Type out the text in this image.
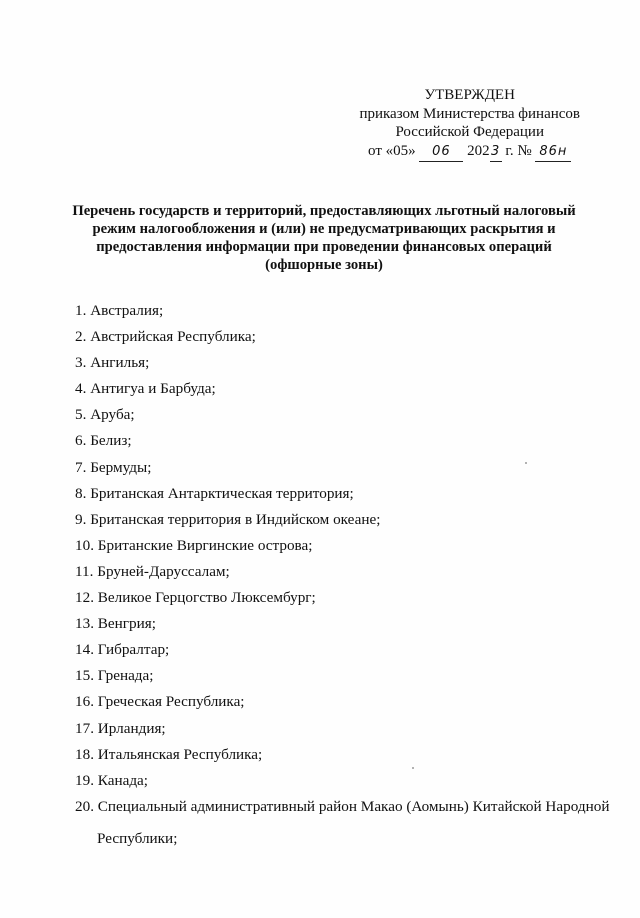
УТВЕРЖДЕН
приказом Министерства финансов
Российской Федерации
от «05» 06 2023 г. № 86н
Перечень государств и территорий, предоставляющих льготный налоговый
режим налогообложения и (или) не предусматривающих раскрытия и
предоставления информации при проведении финансовых операций
(офшорные зоны)
1. Австралия;
2. Австрийская Республика;
3. Ангилья;
4. Антигуа и Барбуда;
5. Аруба;
6. Белиз;
7. Бермуды;
8. Британская Антарктическая территория;
9. Британская территория в Индийском океане;
10. Британские Виргинские острова;
11. Бруней-Даруссалам;
12. Великое Герцогство Люксембург;
13. Венгрия;
14. Гибралтар;
15. Гренада;
16. Греческая Республика;
17. Ирландия;
18. Итальянская Республика;
19. Канада;
20. Специальный административный район Макао (Аомынь) Китайской Народной
Республики;
